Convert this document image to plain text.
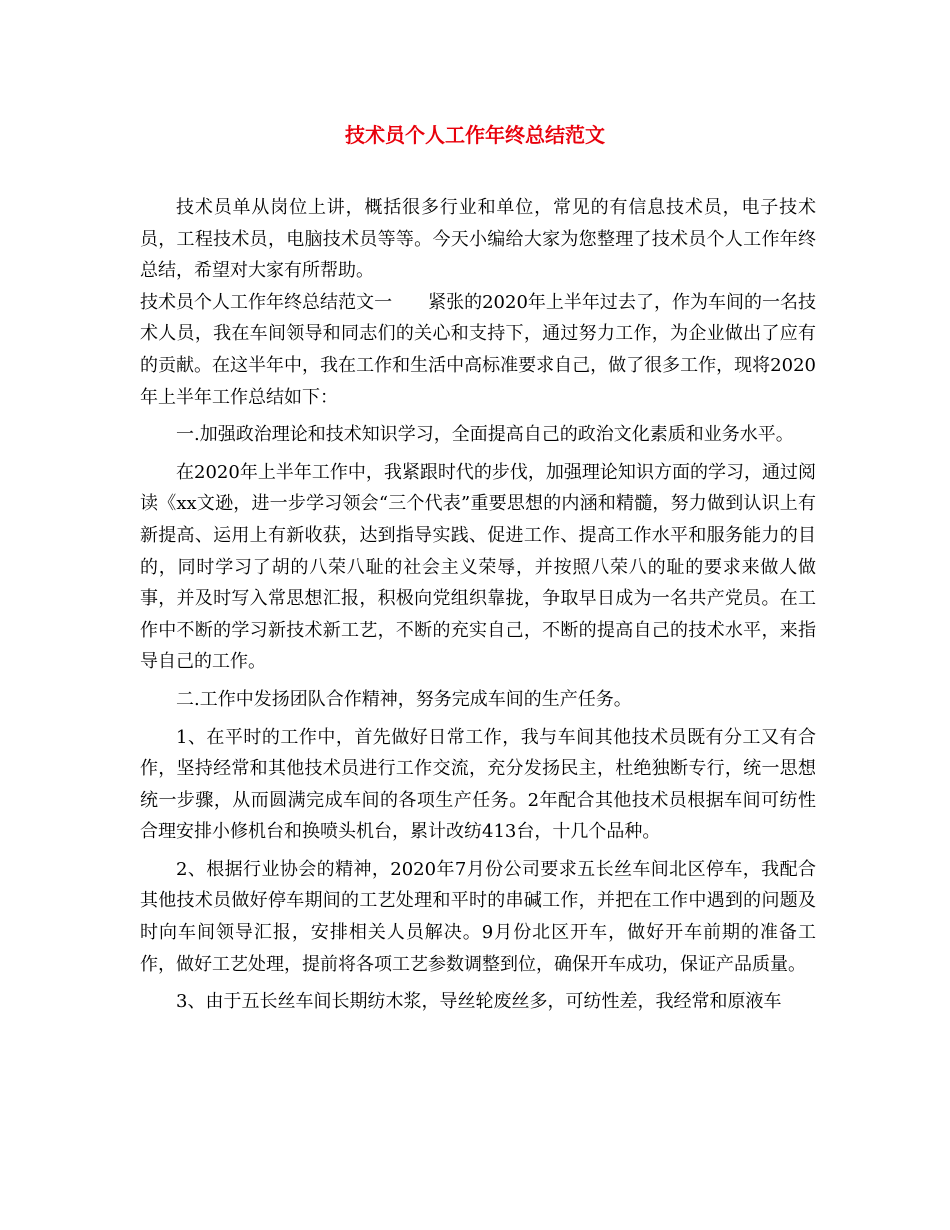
技术员个人工作年终总结范文

技术员单从岗位上讲，概括很多行业和单位，常见的有信息技术员，电子技术员，工程技术员，电脑技术员等等。今天小编给大家为您整理了技术员个人工作年终总结，希望对大家有所帮助。

技术员个人工作年终总结范文一　　紧张的2020年上半年过去了，作为车间的一名技术人员，我在车间领导和同志们的关心和支持下，通过努力工作，为企业做出了应有的贡献。在这半年中，我在工作和生活中高标准要求自己，做了很多工作，现将2020年上半年工作总结如下：

一.加强政治理论和技术知识学习，全面提高自己的政治文化素质和业务水平。

在2020年上半年工作中，我紧跟时代的步伐，加强理论知识方面的学习，通过阅读《xx文逊，进一步学习领会“三个代表”重要思想的内涵和精髓，努力做到认识上有新提高、运用上有新收获，达到指导实践、促进工作、提高工作水平和服务能力的目的，同时学习了胡的八荣八耻的社会主义荣辱，并按照八荣八的耻的要求来做人做事，并及时写入常思想汇报，积极向党组织靠拢，争取早日成为一名共产党员。在工作中不断的学习新技术新工艺，不断的充实自己，不断的提高自己的技术水平，来指导自己的工作。

二.工作中发扬团队合作精神，努务完成车间的生产任务。

1、在平时的工作中，首先做好日常工作，我与车间其他技术员既有分工又有合作，坚持经常和其他技术员进行工作交流，充分发扬民主，杜绝独断专行，统一思想统一步骤，从而圆满完成车间的各项生产任务。2年配合其他技术员根据车间可纺性合理安排小修机台和换喷头机台，累计改纺413台，十几个品种。

2、根据行业协会的精神，2020年7月份公司要求五长丝车间北区停车，我配合其他技术员做好停车期间的工艺处理和平时的串碱工作，并把在工作中遇到的问题及时向车间领导汇报，安排相关人员解决。9月份北区开车，做好开车前期的准备工作，做好工艺处理，提前将各项工艺参数调整到位，确保开车成功，保证产品质量。

3、由于五长丝车间长期纺木浆，导丝轮废丝多，可纺性差，我经常和原液车
